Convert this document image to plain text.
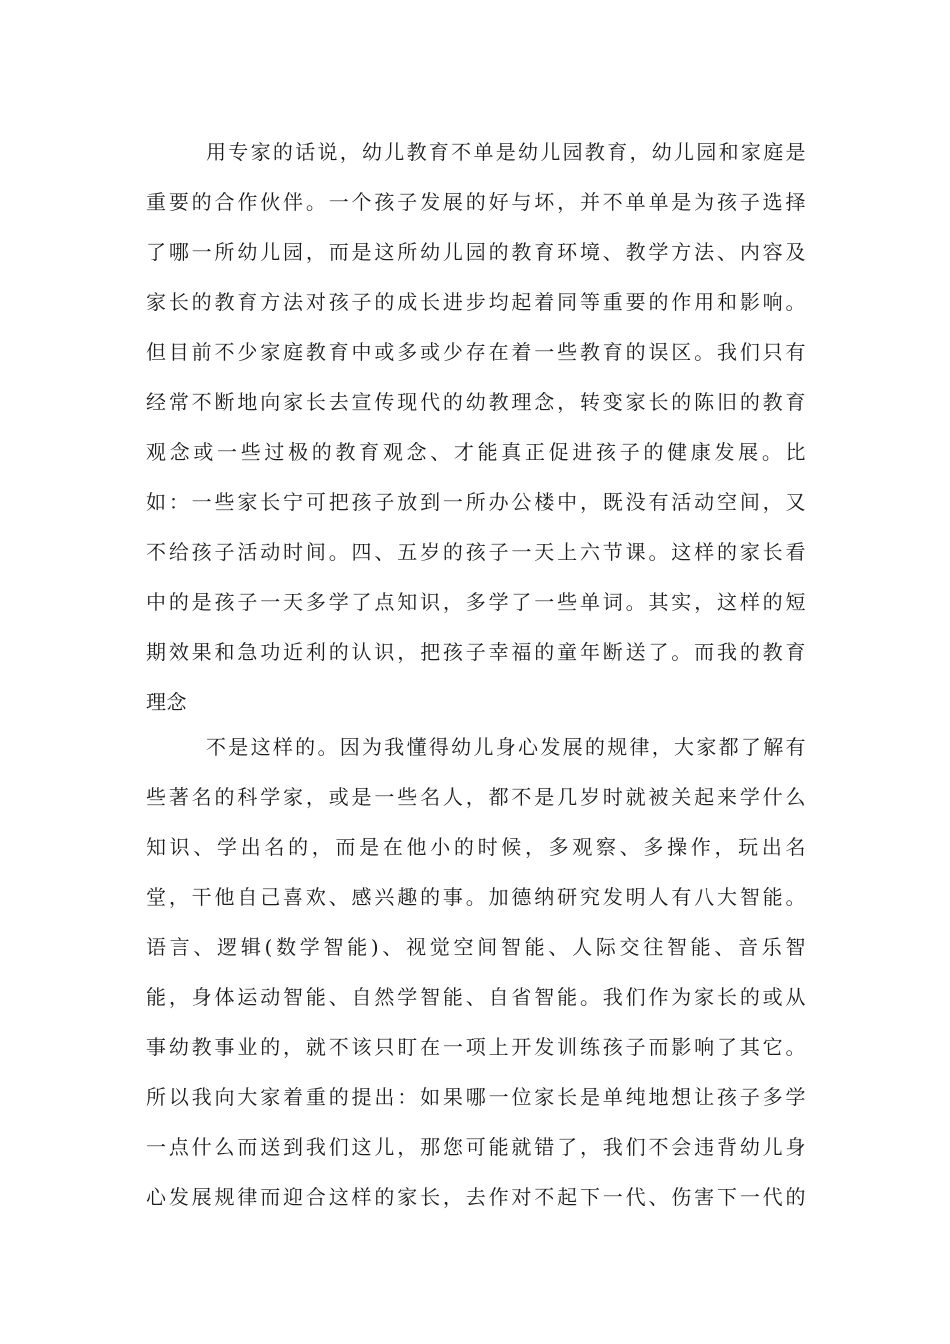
用专家的话说，幼儿教育不单是幼儿园教育，幼儿园和家庭是
重要的合作伙伴。一个孩子发展的好与坏，并不单单是为孩子选择
了哪一所幼儿园，而是这所幼儿园的教育环境、教学方法、内容及
家长的教育方法对孩子的成长进步均起着同等重要的作用和影响。
但目前不少家庭教育中或多或少存在着一些教育的误区。我们只有
经常不断地向家长去宣传现代的幼教理念，转变家长的陈旧的教育
观念或一些过极的教育观念、才能真正促进孩子的健康发展。比
如：一些家长宁可把孩子放到一所办公楼中，既没有活动空间，又
不给孩子活动时间。四、五岁的孩子一天上六节课。这样的家长看
中的是孩子一天多学了点知识，多学了一些单词。其实，这样的短
期效果和急功近利的认识，把孩子幸福的童年断送了。而我的教育
理念
不是这样的。因为我懂得幼儿身心发展的规律，大家都了解有
些著名的科学家，或是一些名人，都不是几岁时就被关起来学什么
知识、学出名的，而是在他小的时候，多观察、多操作，玩出名
堂，干他自己喜欢、感兴趣的事。加德纳研究发明人有八大智能。
语言、逻辑(数学智能)、视觉空间智能、人际交往智能、音乐智
能，身体运动智能、自然学智能、自省智能。我们作为家长的或从
事幼教事业的，就不该只盯在一项上开发训练孩子而影响了其它。
所以我向大家着重的提出：如果哪一位家长是单纯地想让孩子多学
一点什么而送到我们这儿，那您可能就错了，我们不会违背幼儿身
心发展规律而迎合这样的家长，去作对不起下一代、伤害下一代的
